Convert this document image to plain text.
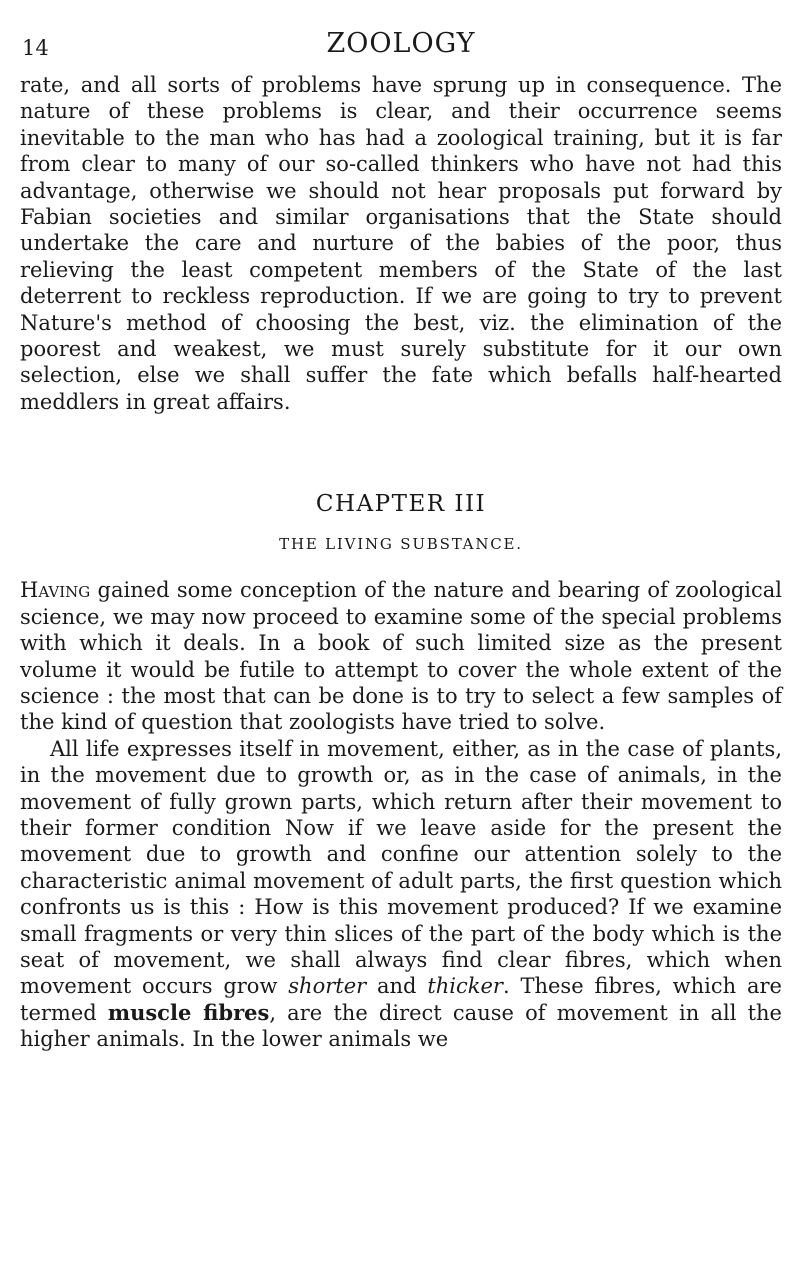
14	ZOOLOGY

rate, and all sorts of problems have sprung up in consequence. The nature of these problems is clear, and their occurrence seems inevitable to the man who has had a zoological training, but it is far from clear to many of our so-called thinkers who have not had this advantage, otherwise we should not hear proposals put forward by Fabian societies and similar organisations that the State should undertake the care and nurture of the babies of the poor, thus relieving the least competent members of the State of the last deterrent to reckless reproduction. If we are going to try to prevent Nature's method of choosing the best, viz. the elimination of the poorest and weakest, we must surely substitute for it our own selection, else we shall suffer the fate which befalls half-hearted meddlers in great affairs.

CHAPTER III
THE LIVING SUBSTANCE.

Having gained some conception of the nature and bearing of zoological science, we may now proceed to examine some of the special problems with which it deals. In a book of such limited size as the present volume it would be futile to attempt to cover the whole extent of the science : the most that can be done is to try to select a few samples of the kind of question that zoologists have tried to solve.

All life expresses itself in movement, either, as in the case of plants, in the movement due to growth or, as in the case of animals, in the movement of fully grown parts, which return after their movement to their former condition Now if we leave aside for the present the movement due to growth and confine our attention solely to the characteristic animal movement of adult parts, the first question which confronts us is this : How is this movement produced? If we examine small fragments or very thin slices of the part of the body which is the seat of movement, we shall always find clear fibres, which when movement occurs grow shorter and thicker. These fibres, which are termed muscle fibres, are the direct cause of movement in all the higher animals. In the lower animals we
